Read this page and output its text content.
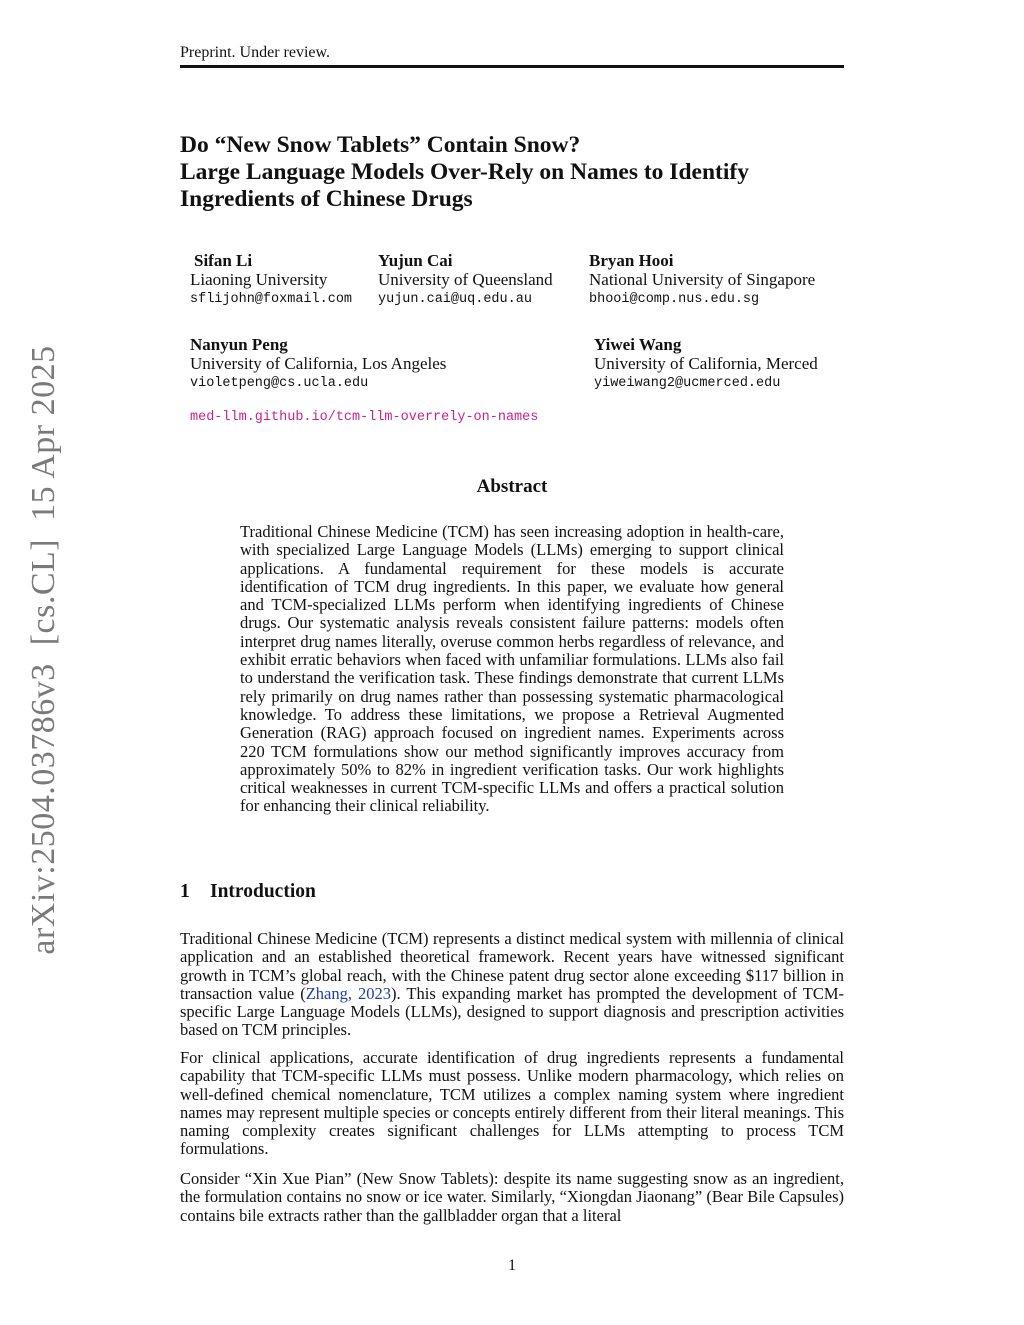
Preprint. Under review.
arXiv:2504.03786v3  [cs.CL]  15 Apr 2025
Do “New Snow Tablets” Contain Snow?
Large Language Models Over-Rely on Names to Identify
Ingredients of Chinese Drugs
Sifan Li
Liaoning University
sflijohn@foxmail.com
Yujun Cai
University of Queensland
yujun.cai@uq.edu.au
Bryan Hooi
National University of Singapore
bhooi@comp.nus.edu.sg
Nanyun Peng
University of California, Los Angeles
violetpeng@cs.ucla.edu
Yiwei Wang
University of California, Merced
yiweiwang2@ucmerced.edu
med-llm.github.io/tcm-llm-overrely-on-names
Abstract
Traditional Chinese Medicine (TCM) has seen increasing adoption in health-care, with specialized Large Language Models (LLMs) emerging to support clinical applications. A fundamental requirement for these models is accurate identification of TCM drug ingredients. In this paper, we evaluate how general and TCM-specialized LLMs perform when identifying ingredients of Chinese drugs. Our systematic analysis reveals consistent failure patterns: models often interpret drug names literally, overuse common herbs regardless of relevance, and exhibit erratic behaviors when faced with unfamiliar formulations. LLMs also fail to understand the verification task. These findings demonstrate that current LLMs rely primarily on drug names rather than possessing systematic pharmacological knowledge. To address these limitations, we propose a Retrieval Augmented Generation (RAG) approach focused on ingredient names. Experiments across 220 TCM formulations show our method significantly improves accuracy from approximately 50% to 82% in ingredient verification tasks. Our work highlights critical weaknesses in current TCM-specific LLMs and offers a practical solution for enhancing their clinical reliability.
1 Introduction

Traditional Chinese Medicine (TCM) represents a distinct medical system with millennia of clinical application and an established theoretical framework. Recent years have witnessed significant growth in TCM’s global reach, with the Chinese patent drug sector alone exceeding $117 billion in transaction value (Zhang, 2023). This expanding market has prompted the development of TCM-specific Large Language Models (LLMs), designed to support diagnosis and prescription activities based on TCM principles.

For clinical applications, accurate identification of drug ingredients represents a fundamental capability that TCM-specific LLMs must possess. Unlike modern pharmacology, which relies on well-defined chemical nomenclature, TCM utilizes a complex naming system where ingredient names may represent multiple species or concepts entirely different from their literal meanings. This naming complexity creates significant challenges for LLMs attempting to process TCM formulations.

Consider “Xin Xue Pian” (New Snow Tablets): despite its name suggesting snow as an ingredient, the formulation contains no snow or ice water. Similarly, “Xiongdan Jiaonang” (Bear Bile Capsules) contains bile extracts rather than the gallbladder organ that a literal

1
